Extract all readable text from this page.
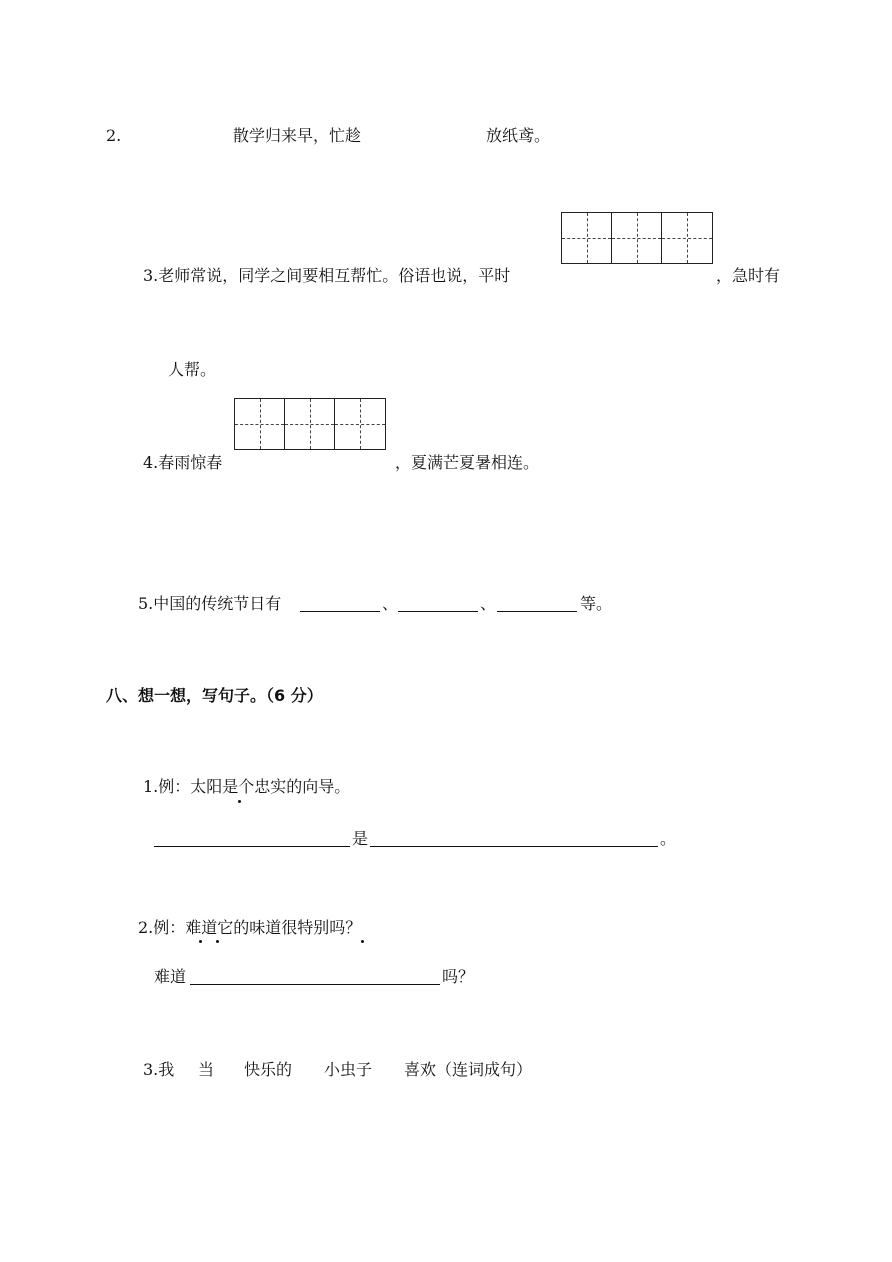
2.	散学归来早，忙趁	放纸鸢。
3.老师常说，同学之间要相互帮忙。俗语也说，平时	，急时有
人帮。
4.春雨惊春	，夏满芒夏暑相连。
5.中国的传统节日有	、	、	等。
八、想一想，写句子。（6 分）
1.例：太阳是个忠实的向导。
是	。
2.例：难道它的味道很特别吗？
难道	吗？
3.我 当 快乐的 小虫子 喜欢（连词成句）
